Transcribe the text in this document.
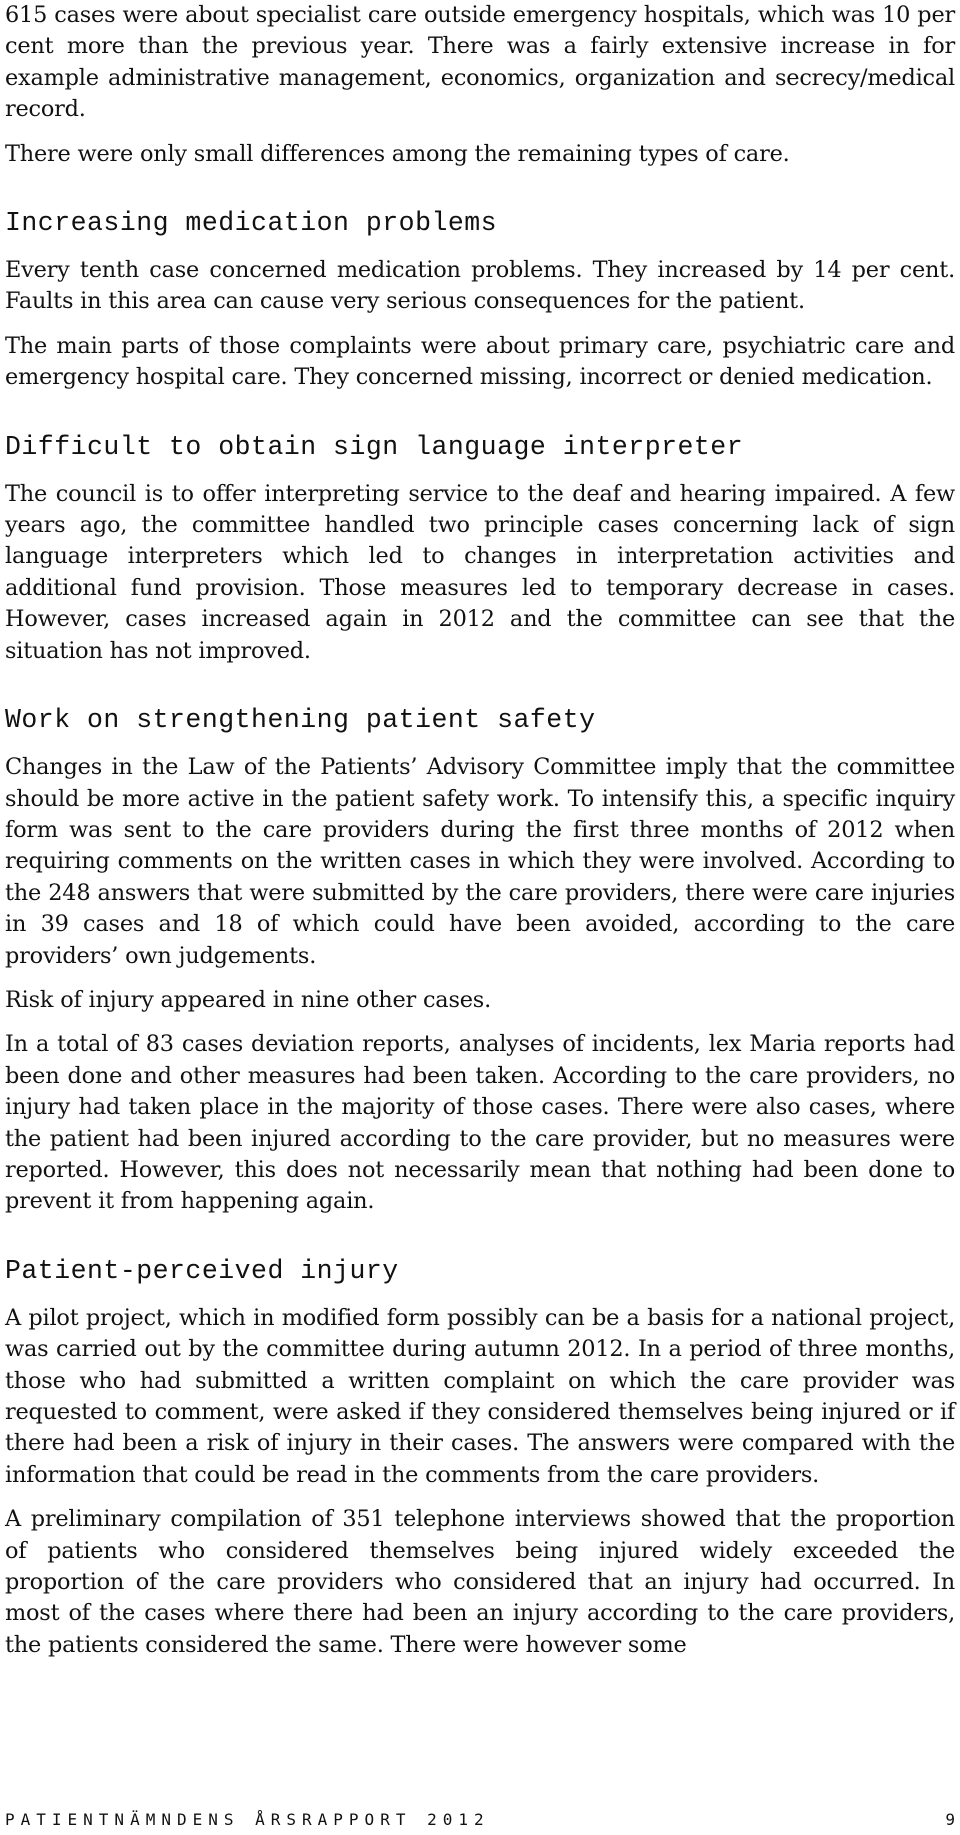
615 cases were about specialist care outside emergency hospitals, which was 10 per cent more than the previous year. There was a fairly extensive increase in for example administrative management, economics, organization and secrecy/medical record.

There were only small differences among the remaining types of care.

Increasing medication problems

Every tenth case concerned medication problems. They increased by 14 per cent. Faults in this area can cause very serious consequences for the patient.

The main parts of those complaints were about primary care, psychiatric care and emergency hospital care. They concerned missing, incorrect or denied medication.

Difficult to obtain sign language interpreter

The council is to offer interpreting service to the deaf and hearing impaired. A few years ago, the committee handled two principle cases concerning lack of sign language interpreters which led to changes in interpretation activities and additional fund provision. Those measures led to temporary decrease in cases. However, cases increased again in 2012 and the committee can see that the situation has not improved.

Work on strengthening patient safety

Changes in the Law of the Patients’ Advisory Committee imply that the committee should be more active in the patient safety work. To intensify this, a specific inquiry form was sent to the care providers during the first three months of 2012 when requiring comments on the written cases in which they were involved. According to the 248 answers that were submitted by the care providers, there were care injuries in 39 cases and 18 of which could have been avoided, according to the care providers’ own judgements.

Risk of injury appeared in nine other cases.

In a total of 83 cases deviation reports, analyses of incidents, lex Maria reports had been done and other measures had been taken. According to the care providers, no injury had taken place in the majority of those cases. There were also cases, where the patient had been injured according to the care provider, but no measures were reported. However, this does not necessarily mean that nothing had been done to prevent it from happening again.

Patient-perceived injury

A pilot project, which in modified form possibly can be a basis for a national project, was carried out by the committee during autumn 2012. In a period of three months, those who had submitted a written complaint on which the care provider was requested to comment, were asked if they considered themselves being injured or if there had been a risk of injury in their cases. The answers were compared with the information that could be read in the comments from the care providers.

A preliminary compilation of 351 telephone interviews showed that the proportion of patients who considered themselves being injured widely exceeded the proportion of the care providers who considered that an injury had occurred. In most of the cases where there had been an injury according to the care providers, the patients considered the same. There were however some

PATIENTNÄMNDENS ÅRSRAPPORT 2012	9
